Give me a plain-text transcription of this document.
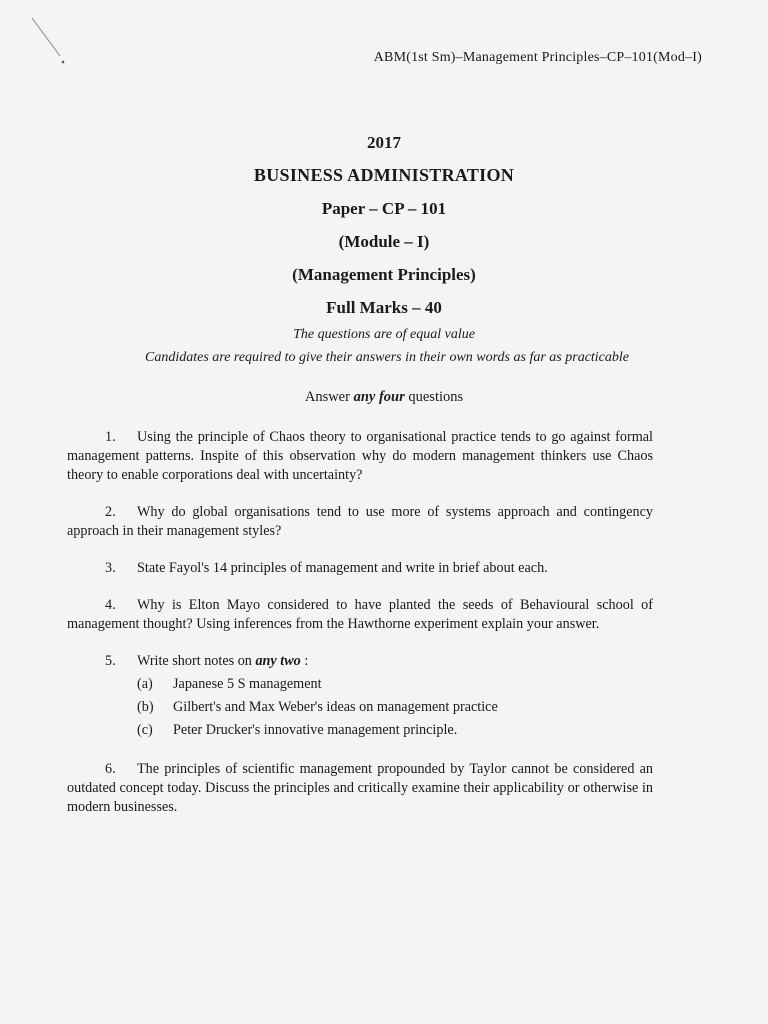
ABM(1st Sm)–Management Principles–CP–101(Mod–I)
2017
BUSINESS ADMINISTRATION
Paper – CP – 101
(Module – I)
(Management Principles)
Full Marks – 40
The questions are of equal value
Candidates are required to give their answers in their own words as far as practicable
Answer any four questions
1. Using the principle of Chaos theory to organisational practice tends to go against formal management patterns. Inspite of this observation why do modern management thinkers use Chaos theory to enable corporations deal with uncertainty?
2. Why do global organisations tend to use more of systems approach and contingency approach in their management styles?
3. State Fayol's 14 principles of management and write in brief about each.
4. Why is Elton Mayo considered to have planted the seeds of Behavioural school of management thought? Using inferences from the Hawthorne experiment explain your answer.
5. Write short notes on any two :
(a) Japanese 5 S management
(b) Gilbert's and Max Weber's ideas on management practice
(c) Peter Drucker's innovative management principle.
6. The principles of scientific management propounded by Taylor cannot be considered an outdated concept today. Discuss the principles and critically examine their applicability or otherwise in modern businesses.
